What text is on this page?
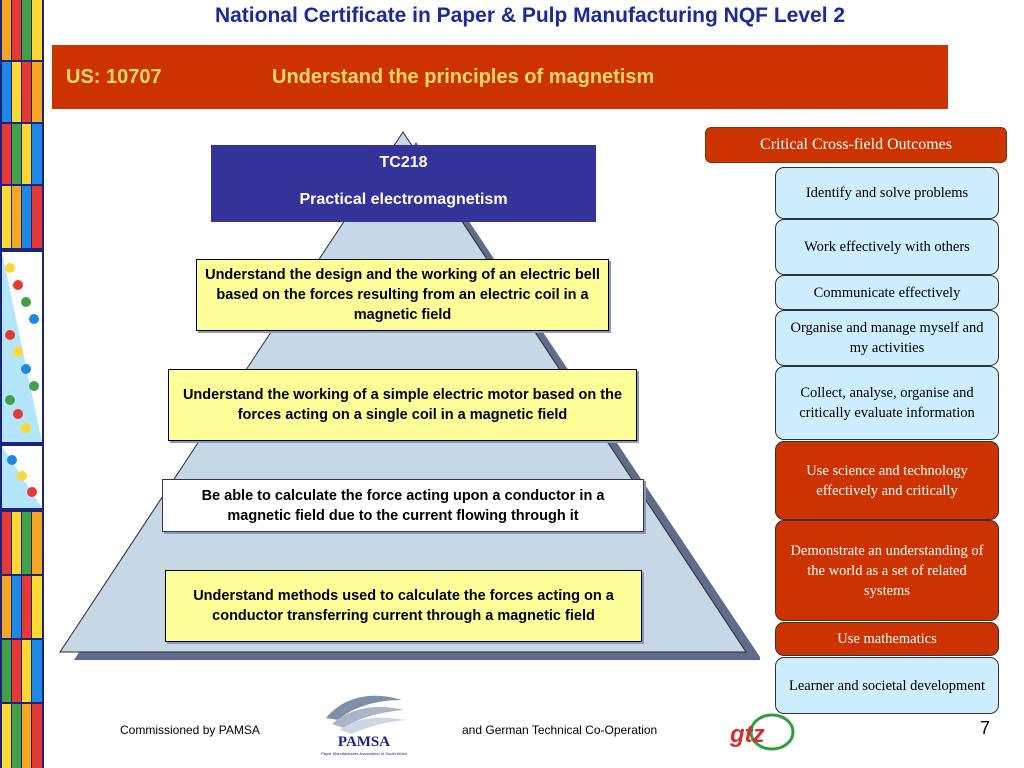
National Certificate in Paper & Pulp Manufacturing NQF Level 2
US: 10707	Understand the principles of magnetism
TC218
Practical electromagnetism
Understand the design and the working of an electric bell based on the forces resulting from an electric coil in a magnetic field
Understand the working of a simple electric motor based on the forces acting on a single coil in a magnetic field
Be able to calculate the force acting upon a conductor in a magnetic field due to the current flowing through it
Understand methods used to calculate the forces acting on a conductor transferring current through a magnetic field
Critical Cross-field Outcomes
Identify and solve problems
Work effectively with others
Communicate effectively
Organise and manage myself and my activities
Collect, analyse, organise and critically evaluate information
Use science and technology effectively and critically
Demonstrate an understanding of the world as a set of related systems
Use mathematics
Learner and societal development
Commissioned by PAMSA
PAMSA
Paper Manufacturers Association of South Africa
and German Technical Co-Operation	gtz	7
